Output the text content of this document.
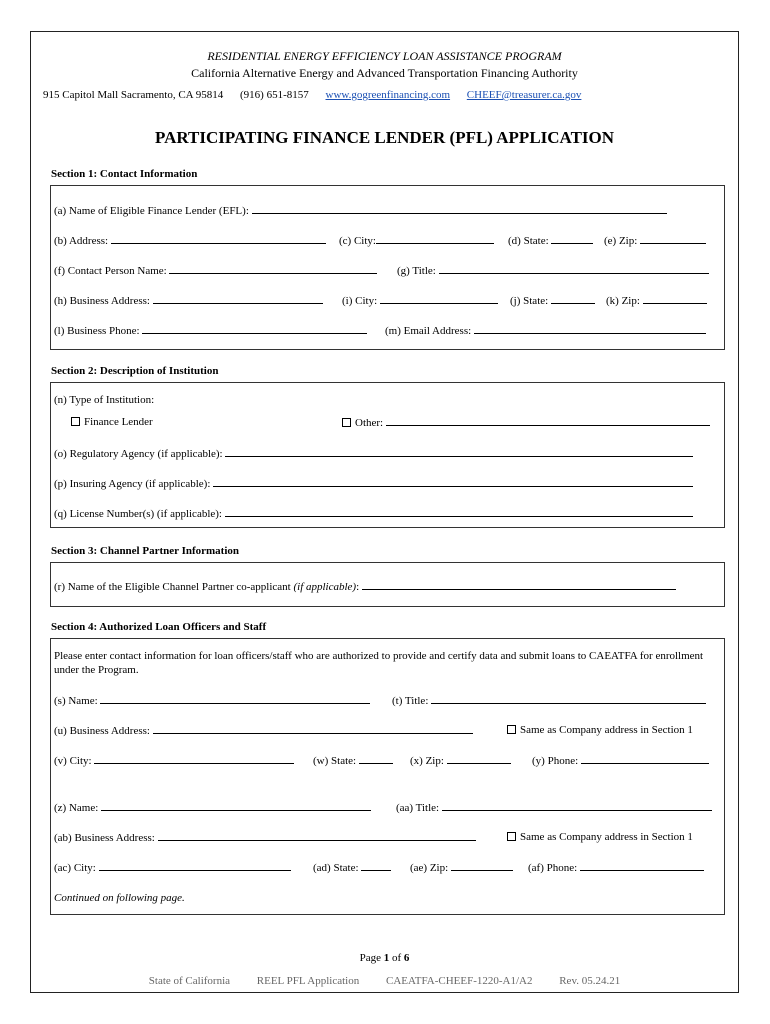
RESIDENTIAL ENERGY EFFICIENCY LOAN ASSISTANCE PROGRAM
California Alternative Energy and Advanced Transportation Financing Authority
915 Capitol Mall Sacramento, CA 95814 (916) 651-8157 www.gogreenfinancing.com CHEEF@treasurer.ca.gov
PARTICIPATING FINANCE LENDER (PFL) APPLICATION
Section 1: Contact Information
(a) Name of Eligible Finance Lender (EFL):
(b) Address:	(c) City:	(d) State:	(e) Zip:
(f) Contact Person Name:	(g) Title:
(h) Business Address:	(i) City:	(j) State:	(k) Zip:
(l) Business Phone:	(m) Email Address:
Section 2: Description of Institution
(n) Type of Institution:
Finance Lender	Other:
(o) Regulatory Agency (if applicable):
(p) Insuring Agency (if applicable):
(q) License Number(s) (if applicable):
Section 3: Channel Partner Information
(r) Name of the Eligible Channel Partner co-applicant (if applicable):
Section 4: Authorized Loan Officers and Staff
Please enter contact information for loan officers/staff who are authorized to provide and certify data and submit loans to CAEATFA for enrollment under the Program.
(s) Name:	(t) Title:
(u) Business Address:	Same as Company address in Section 1
(v) City:	(w) State:	(x) Zip:	(y) Phone:
(z) Name:	(aa) Title:
(ab) Business Address:	Same as Company address in Section 1
(ac) City:	(ad) State:	(ae) Zip:	(af) Phone:
Continued on following page.
Page 1 of 6
State of California REEL PFL Application CAEATFA-CHEEF-1220-A1/A2 Rev. 05.24.21
